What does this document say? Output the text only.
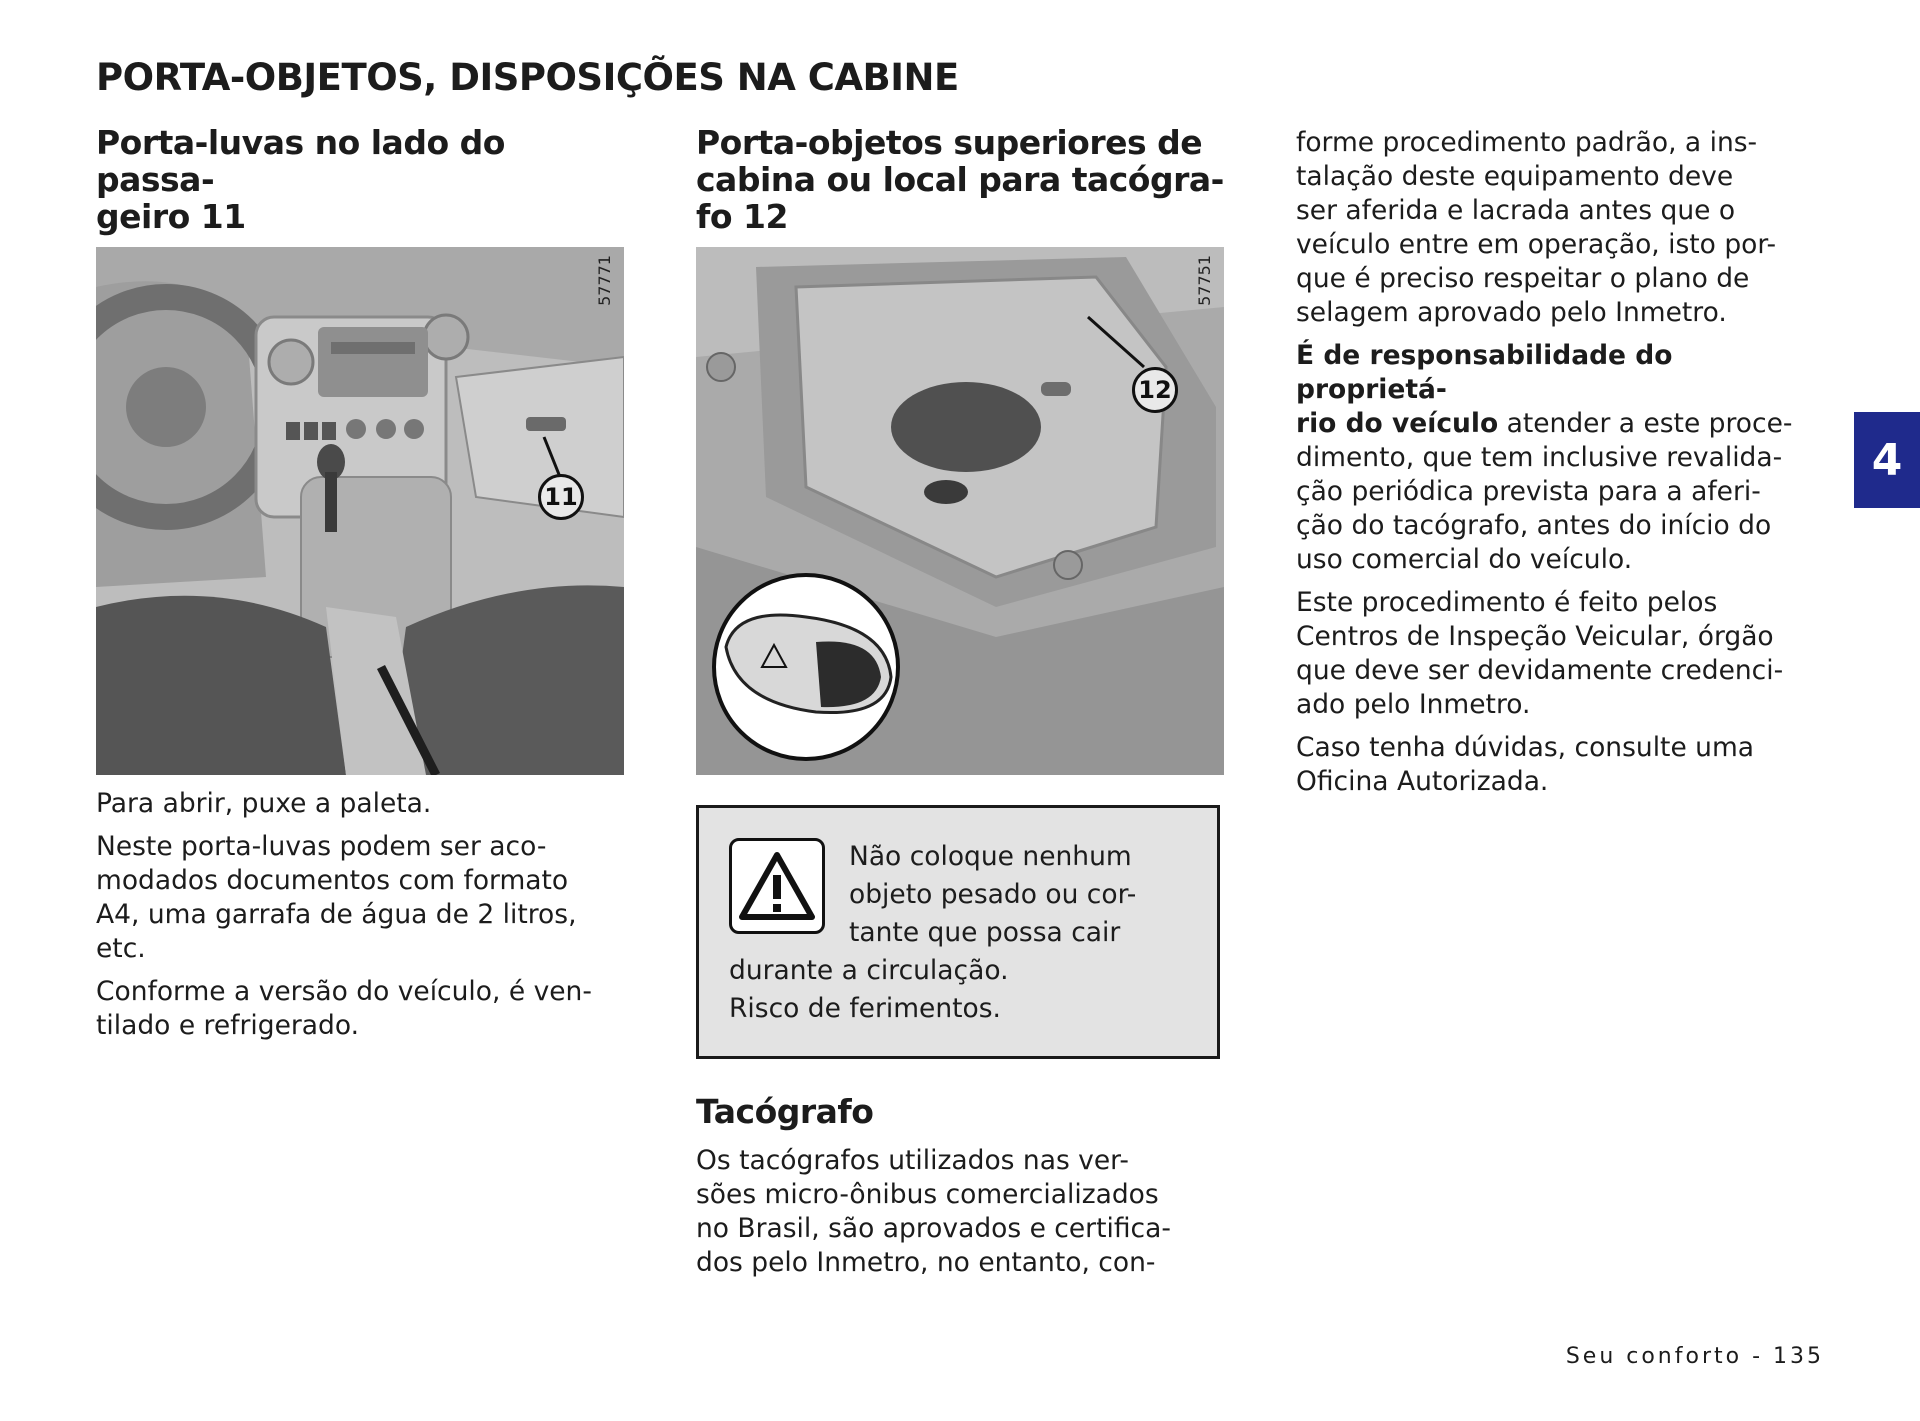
PORTA-OBJETOS, DISPOSIÇÕES NA CABINE
Porta-luvas no lado do passa-
geiro 11
57771
11

Para abrir, puxe a paleta.

Neste porta-luvas podem ser aco-
modados documentos com formato
A4, uma garrafa de água de 2 litros,
etc.

Conforme a versão do veículo, é ven-
tilado e refrigerado.

Porta-objetos superiores de
cabina ou local para tacógra-
fo 12
57751
12
Não coloque nenhum
objeto pesado ou cor-
tante que possa cair
durante a circulação.
Risco de ferimentos.
Tacógrafo

Os tacógrafos utilizados nas ver-
sões micro-ônibus comercializados
no Brasil, são aprovados e certifica-
dos pelo Inmetro, no entanto, con-

forme procedimento padrão, a ins-
talação deste equipamento deve
ser aferida e lacrada antes que o
veículo entre em operação, isto por-
que é preciso respeitar o plano de
selagem aprovado pelo Inmetro.

É de responsabilidade do proprietá-
rio do veículo atender a este proce-
dimento, que tem inclusive revalida-
ção periódica prevista para a aferi-
ção do tacógrafo, antes do início do
uso comercial do veículo.

Este procedimento é feito pelos
Centros de Inspeção Veicular, órgão
que deve ser devidamente credenci-
ado pelo Inmetro.

Caso tenha dúvidas, consulte uma
Oficina Autorizada.

4
Seu conforto - 135
